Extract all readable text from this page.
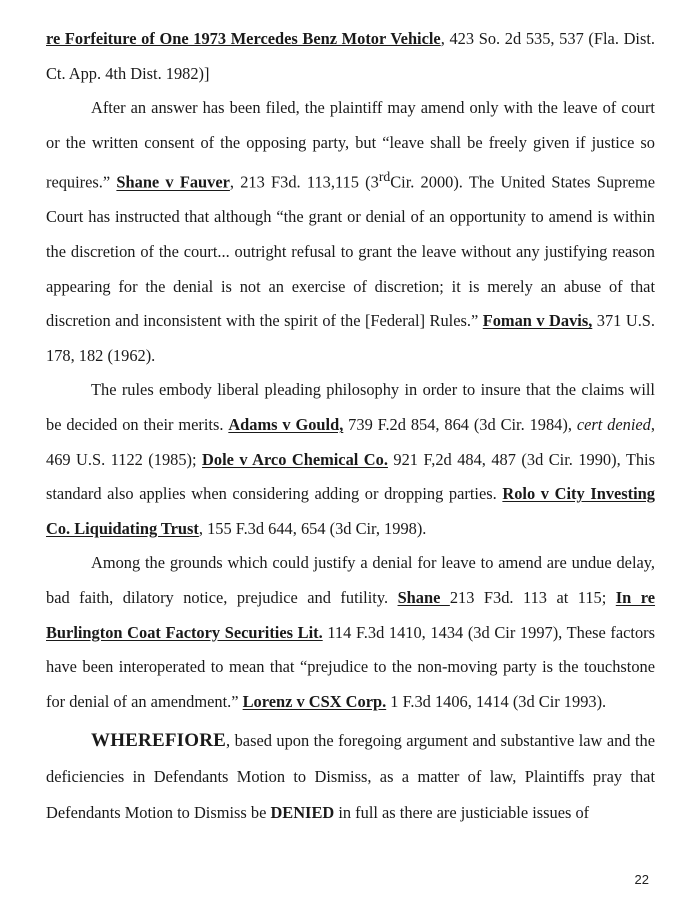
re Forfeiture of One 1973 Mercedes Benz Motor Vehicle, 423 So. 2d 535, 537 (Fla. Dist. Ct. App. 4th Dist. 1982)]

After an answer has been filed, the plaintiff may amend only with the leave of court or the written consent of the opposing party, but “leave shall be freely given if justice so requires.” Shane v Fauver, 213 F3d. 113,115 (3rdCir. 2000). The United States Supreme Court has instructed that although “the grant or denial of an opportunity to amend is within the discretion of the court... outright refusal to grant the leave without any justifying reason appearing for the denial is not an exercise of discretion; it is merely an abuse of that discretion and inconsistent with the spirit of the [Federal] Rules.” Foman v Davis, 371 U.S. 178, 182 (1962).

The rules embody liberal pleading philosophy in order to insure that the claims will be decided on their merits. Adams v Gould, 739 F.2d 854, 864 (3d Cir. 1984), cert denied, 469 U.S. 1122 (1985); Dole v Arco Chemical Co. 921 F,2d 484, 487 (3d Cir. 1990), This standard also applies when considering adding or dropping parties. Rolo v City Investing Co. Liquidating Trust, 155 F.3d 644, 654 (3d Cir, 1998).

Among the grounds which could justify a denial for leave to amend are undue delay, bad faith, dilatory notice, prejudice and futility. Shane 213 F3d. 113 at 115; In re Burlington Coat Factory Securities Lit. 114 F.3d 1410, 1434 (3d Cir 1997), These factors have been interoperated to mean that “prejudice to the non-moving party is the touchstone for denial of an amendment.” Lorenz v CSX Corp. 1 F.3d 1406, 1414 (3d Cir 1993).

WHEREFIORE, based upon the foregoing argument and substantive law and the deficiencies in Defendants Motion to Dismiss, as a matter of law, Plaintiffs pray that Defendants Motion to Dismiss be DENIED in full as there are justiciable issues of

22
